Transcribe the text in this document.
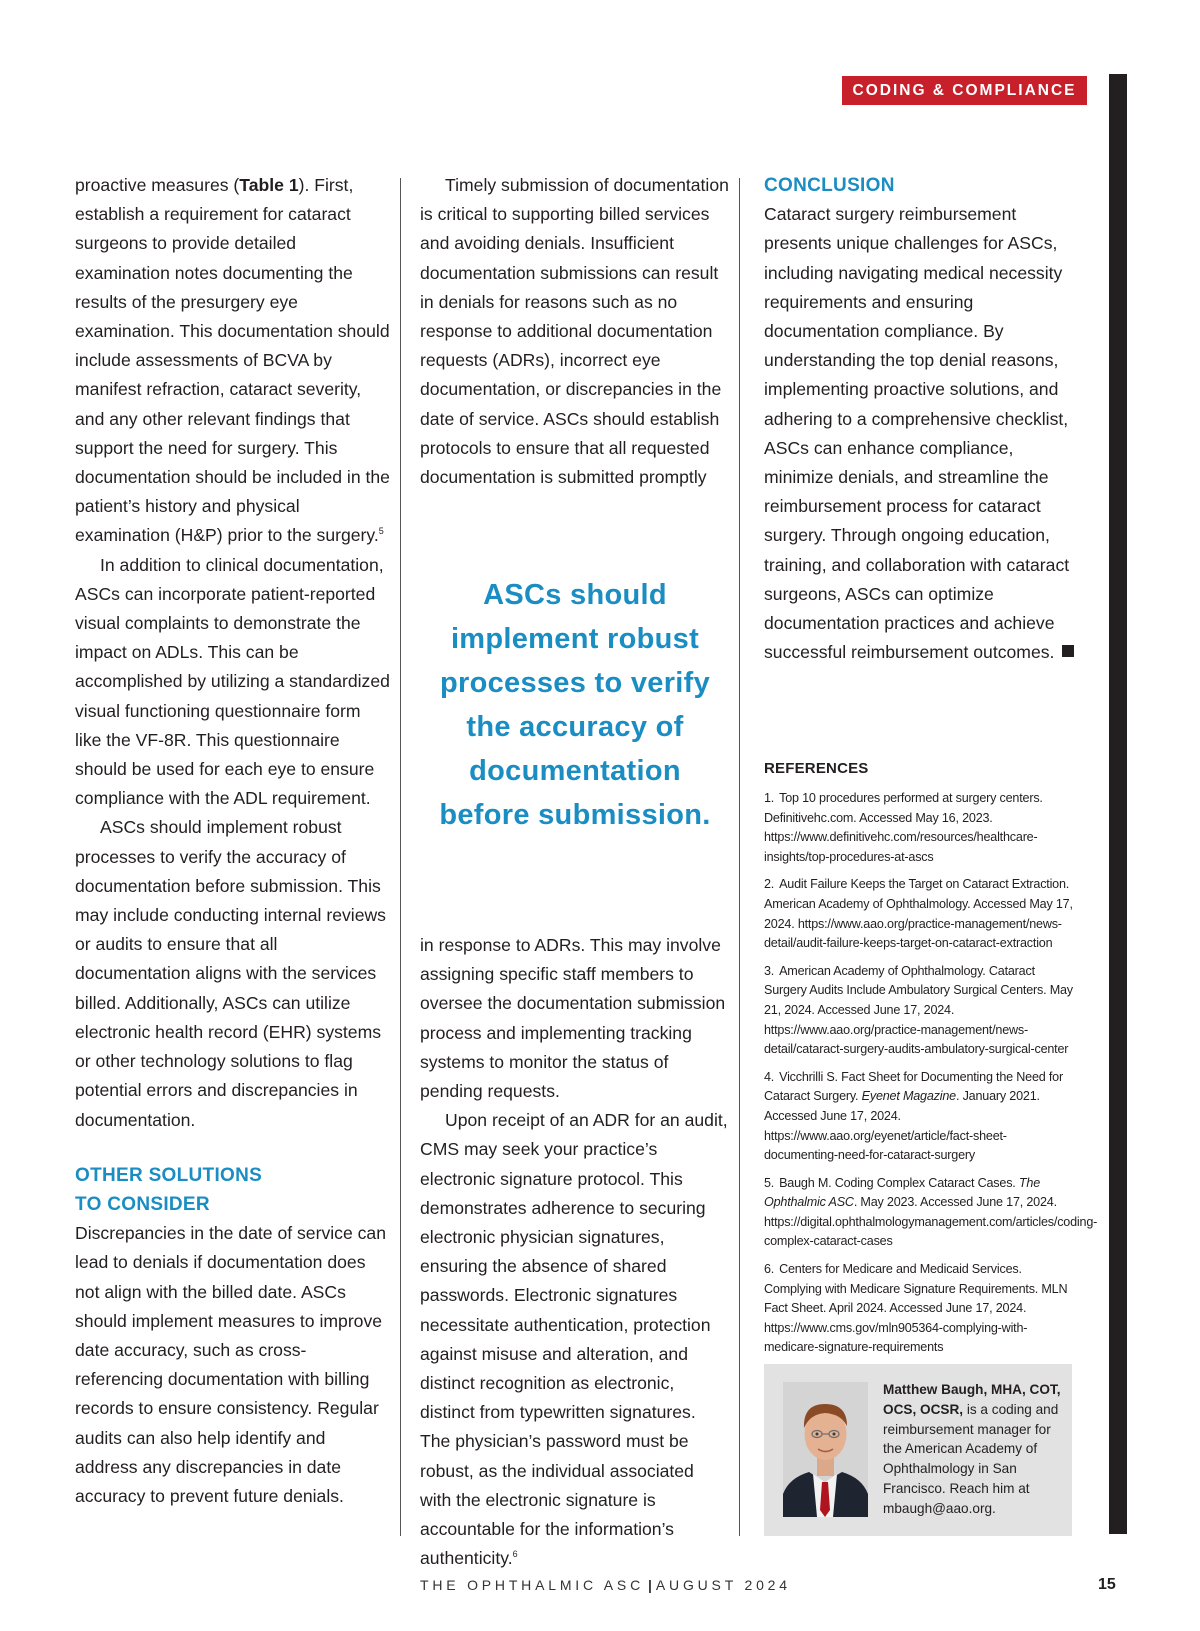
CODING & COMPLIANCE

proactive measures (Table 1). First, establish a requirement for cataract surgeons to provide detailed examination notes documenting the results of the presurgery eye examination. This documentation should include assessments of BCVA by manifest refraction, cataract severity, and any other relevant findings that support the need for surgery. This documentation should be included in the patient’s history and physical examination (H&P) prior to the surgery.$^5$

In addition to clinical documentation, ASCs can incorporate patient-reported visual complaints to demonstrate the impact on ADLs. This can be accomplished by utilizing a standardized visual functioning questionnaire form like the VF-8R. This questionnaire should be used for each eye to ensure compliance with the ADL requirement.

ASCs should implement robust processes to verify the accuracy of documentation before submission. This may include conducting internal reviews or audits to ensure that all documentation aligns with the services billed. Additionally, ASCs can utilize electronic health record (EHR) systems or other technology solutions to flag potential errors and discrepancies in documentation.

OTHER SOLUTIONS
TO CONSIDER

Discrepancies in the date of service can lead to denials if documentation does not align with the billed date. ASCs should implement measures to improve date accuracy, such as cross-referencing documentation with billing records to ensure consistency. Regular audits can also help identify and address any discrepancies in date accuracy to prevent future denials.

Timely submission of documentation is critical to supporting billed services and avoiding denials. Insufficient documentation submissions can result in denials for reasons such as no response to additional documentation requests (ADRs), incorrect eye documentation, or discrepancies in the date of service. ASCs should establish protocols to ensure that all requested documentation is submitted promptly

ASCs should implement robust processes to verify the accuracy of documentation before submission.

in response to ADRs. This may involve assigning specific staff members to oversee the documentation submission process and implementing tracking systems to monitor the status of pending requests.

Upon receipt of an ADR for an audit, CMS may seek your practice’s electronic signature protocol. This demonstrates adherence to securing electronic physician signatures, ensuring the absence of shared passwords. Electronic signatures necessitate authentication, protection against misuse and alteration, and distinct recognition as electronic, distinct from typewritten signatures. The physician’s password must be robust, as the individual associated with the electronic signature is accountable for the information’s authenticity.$^6$

CONCLUSION

Cataract surgery reimbursement presents unique challenges for ASCs, including navigating medical necessity requirements and ensuring documentation compliance. By understanding the top denial reasons, implementing proactive solutions, and adhering to a comprehensive checklist, ASCs can enhance compliance, minimize denials, and streamline the reimbursement process for cataract surgery. Through ongoing education, training, and collaboration with cataract surgeons, ASCs can optimize documentation practices and achieve successful reimbursement outcomes.

REFERENCES
1. Top 10 procedures performed at surgery centers. Definitivehc.com. Accessed May 16, 2023. https://www.definitivehc.com/resources/healthcare-insights/top-procedures-at-ascs
2. Audit Failure Keeps the Target on Cataract Extraction. American Academy of Ophthalmology. Accessed May 17, 2024. https://www.aao.org/practice-management/news-detail/audit-failure-keeps-target-on-cataract-extraction
3. American Academy of Ophthalmology. Cataract Surgery Audits Include Ambulatory Surgical Centers. May 21, 2024. Accessed June 17, 2024. https://www.aao.org/practice-management/news-detail/cataract-surgery-audits-ambulatory-surgical-center
4. Vicchrilli S. Fact Sheet for Documenting the Need for Cataract Surgery. Eyenet Magazine. January 2021. Accessed June 17, 2024. https://www.aao.org/eyenet/article/fact-sheet-documenting-need-for-cataract-surgery
5. Baugh M. Coding Complex Cataract Cases. The Ophthalmic ASC. May 2023. Accessed June 17, 2024. https://digital.ophthalmologymanagement.com/articles/coding-complex-cataract-cases
6. Centers for Medicare and Medicaid Services. Complying with Medicare Signature Requirements. MLN Fact Sheet. April 2024. Accessed June 17, 2024. https://www.cms.gov/mln905364-complying-with-medicare-signature-requirements
Matthew Baugh, MHA, COT, OCS, OCSR, is a coding and reimbursement manager for the American Academy of Ophthalmology in San Francisco. Reach him at mbaugh@aao.org.
THE OPHTHALMIC ASC | AUGUST 2024	15
